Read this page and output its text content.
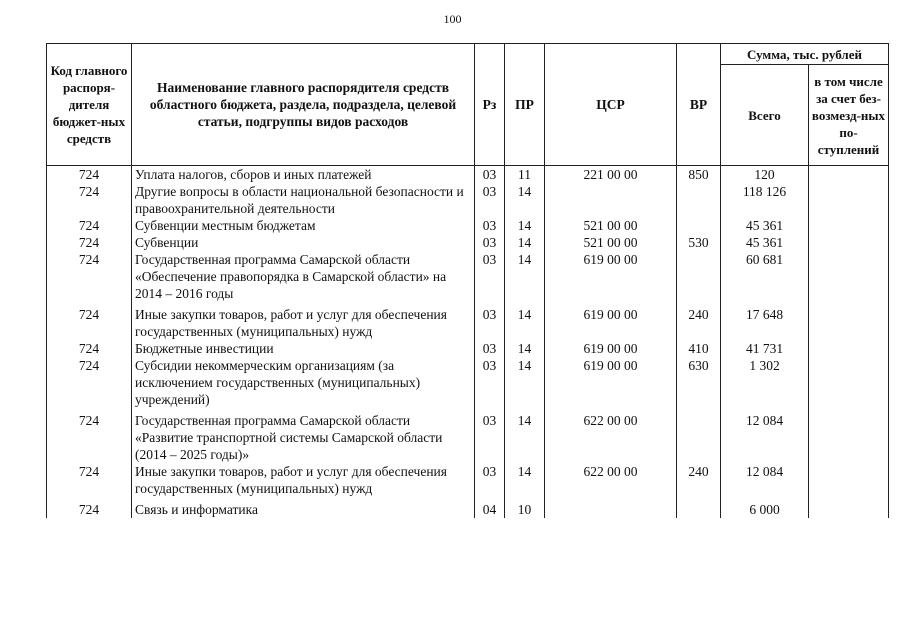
100
Код главного распоря-дителя бюджет-ных средств	Наименование главного распорядителя средств областного бюджета, раздела, подраздела, целевой статьи, подгруппы видов расходов	Рз	ПР	ЦСР	ВР	Сумма, тыс. рублей	
						Всего	в том числе за счет без-возмезд-ных по-ступлений
724	Уплата налогов, сборов и иных платежей	03	11	221 00 00	850	120	
724	Другие вопросы в области национальной безопасности и правоохранительной деятельности	03	14			118 126	
724	Субвенции местным бюджетам	03	14	521 00 00		45 361	
724	Субвенции	03	14	521 00 00	530	45 361	
724	Государственная программа Самарской области «Обеспечение правопорядка в Самарской области» на 2014 – 2016 годы	03	14	619 00 00		60 681	

724	Иные закупки товаров, работ и услуг для обеспечения государственных (муниципальных) нужд	03	14	619 00 00	240	17 648	
724	Бюджетные инвестиции	03	14	619 00 00	410	41 731	
724	Субсидии некоммерческим организациям (за исключением государственных (муниципальных) учреждений)	03	14	619 00 00	630	1 302	

724	Государственная программа Самарской области «Развитие транспортной системы Самарской области (2014 – 2025 годы)»	03	14	622 00 00		12 084	
724	Иные закупки товаров, работ и услуг для обеспечения государственных (муниципальных) нужд	03	14	622 00 00	240	12 084	

724	Связь и информатика	04	10			6 000	
